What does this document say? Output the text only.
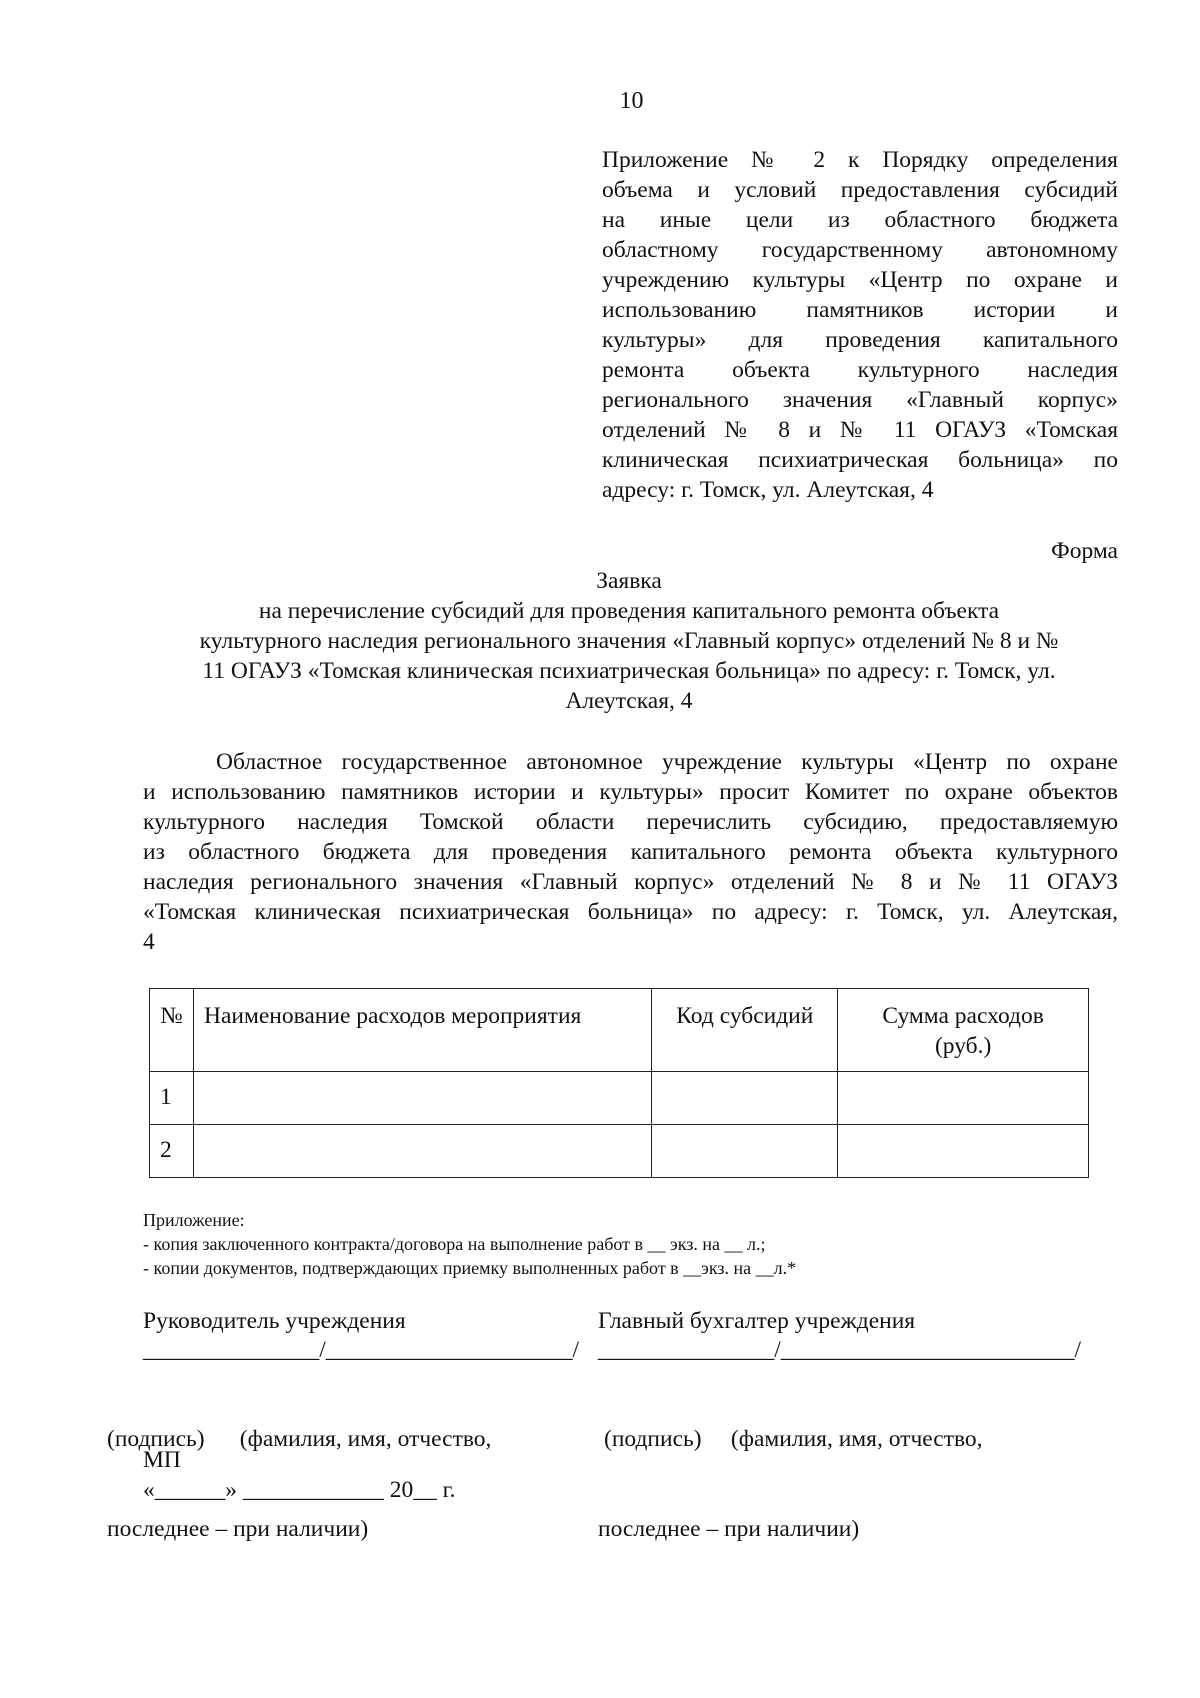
10
Приложение № 2 к Порядку определения
объема и условий предоставления субсидий
на иные цели из областного бюджета
областному государственному автономному
учреждению культуры «Центр по охране и
использованию памятников истории и
культуры» для проведения капитального
ремонта объекта культурного наследия
регионального значения «Главный корпус»
отделений № 8 и № 11 ОГАУЗ «Томская
клиническая психиатрическая больница» по
адресу: г. Томск, ул. Алеутская, 4
Форма
Заявка
на перечисление субсидий для проведения капитального ремонта объекта
культурного наследия регионального значения «Главный корпус» отделений № 8 и №
11 ОГАУЗ «Томская клиническая психиатрическая больница» по адресу: г. Томск, ул.
Алеутская, 4
Областное государственное автономное учреждение культуры «Центр по охране
и использованию памятников истории и культуры» просит Комитет по охране объектов
культурного наследия Томской области перечислить субсидию, предоставляемую
из областного бюджета для проведения капитального ремонта объекта культурного
наследия регионального значения «Главный корпус» отделений № 8 и № 11 ОГАУЗ
«Томская клиническая психиатрическая больница» по адресу: г. Томск, ул. Алеутская,
4
№	Наименование расходов мероприятия	Код субсидий	Сумма расходов
(руб.)
1			
2			
Приложение:
- копия заключенного контракта/договора на выполнение работ в __ экз. на __ л.;
- копии документов, подтверждающих приемку выполненных работ в __экз. на __л.*
Руководитель учреждения	Главный бухгалтер учреждения
_______________/_____________________/ _______________/_________________________/

(подпись)      (фамилия, имя, отчество,

последнее – при наличии)

(подпись)     (фамилия, имя, отчество,

последнее – при наличии)

МП
«______» ____________ 20__ г.
